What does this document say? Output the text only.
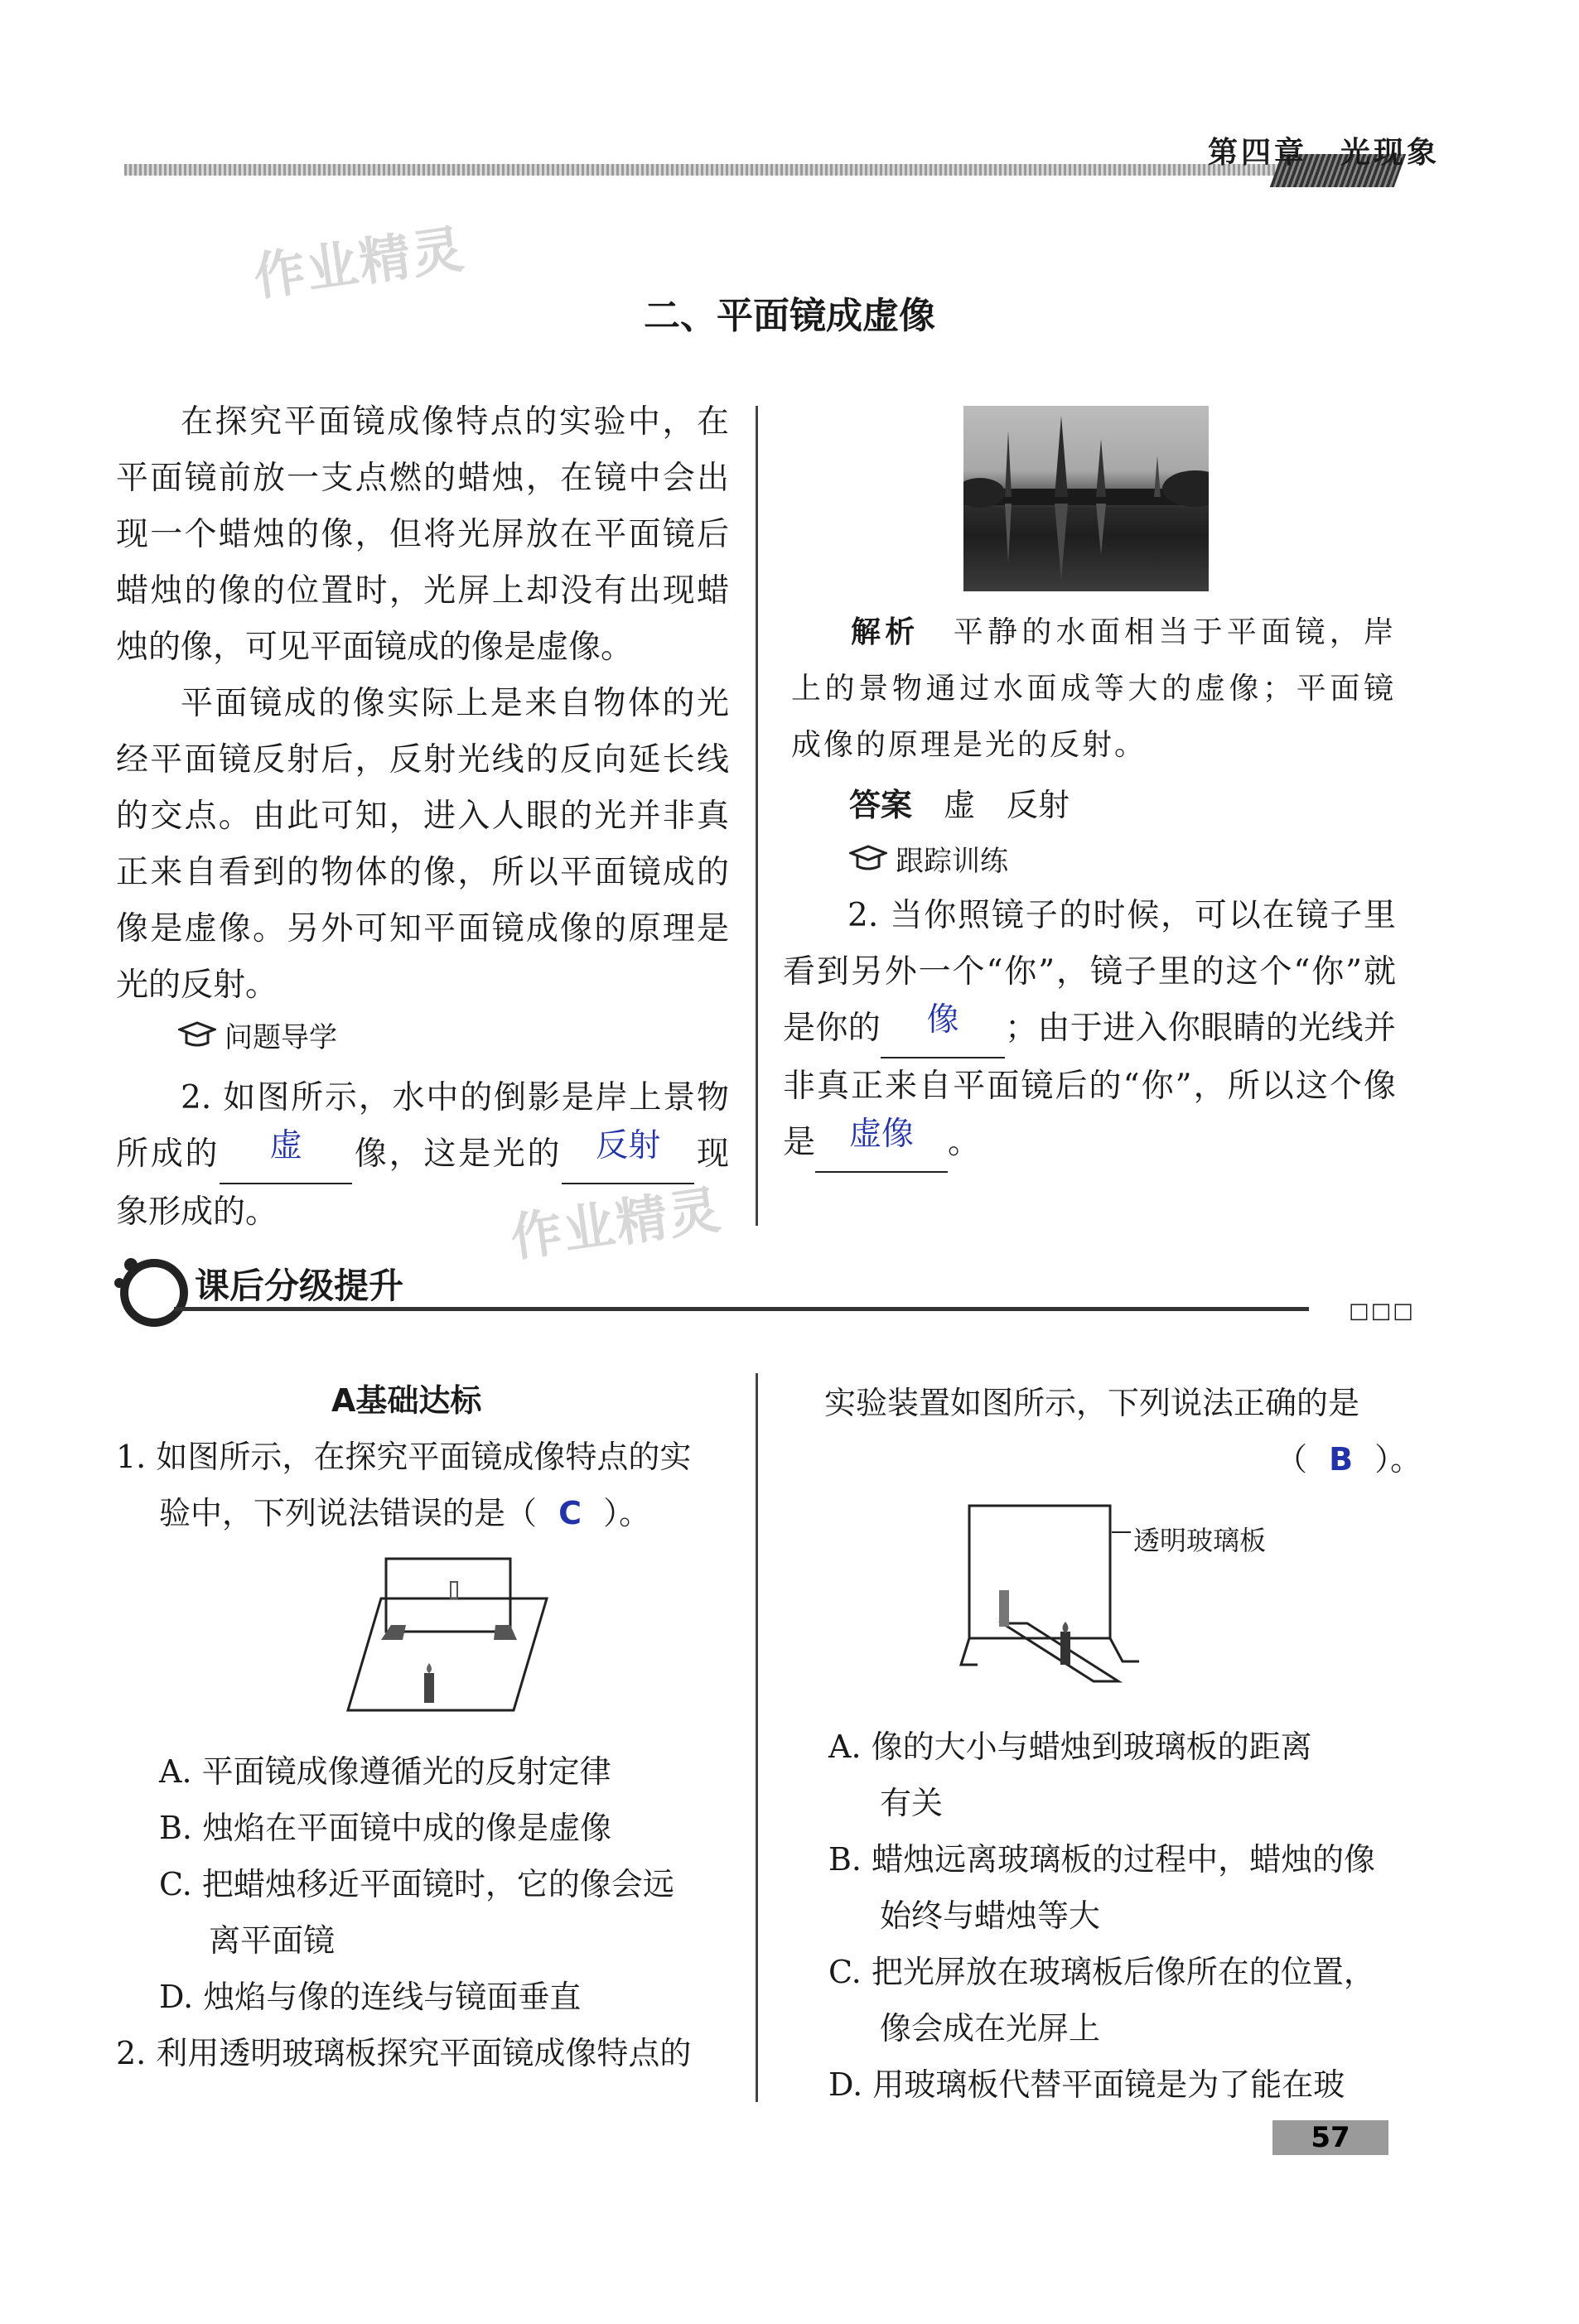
第四章　光现象
作业精灵
作业精灵
二、平面镜成虚像

在探究平面镜成像特点的实验中，在平面镜前放一支点燃的蜡烛，在镜中会出现一个蜡烛的像，但将光屏放在平面镜后蜡烛的像的位置时，光屏上却没有出现蜡烛的像，可见平面镜成的像是虚像。

平面镜成的像实际上是来自物体的光经平面镜反射后，反射光线的反向延长线的交点。由此可知，进入人眼的光并非真正来自看到的物体的像，所以平面镜成的像是虚像。另外可知平面镜成像的原理是光的反射。

问题导学

2. 如图所示，水中的倒影是岸上景物所成的	虚	像，这是光的	反射	现象形成的。

解析　 平静的水面相当于平面镜，岸上的景物通过水面成等大的虚像；平面镜成像的原理是光的反射。

答案　 虚　反射
跟踪训练

2. 当你照镜子的时候，可以在镜子里看到另外一个“你”，镜子里的这个“你”就是你的	像	；由于进入你眼睛的光线并非真正来自平面镜后的“你”，所以这个像是	虚像	。

课后分级提升
□□□
A基础达标
1. 如图所示，在探究平面镜成像特点的实
验中，下列说法错误的是（ C ）。
A. 平面镜成像遵循光的反射定律
B. 烛焰在平面镜中成的像是虚像
C. 把蜡烛移近平面镜时，它的像会远
离平面镜
D. 烛焰与像的连线与镜面垂直
2. 利用透明玻璃板探究平面镜成像特点的
实验装置如图所示，下列说法正确的是
（ B ）。
透明玻璃板
A. 像的大小与蜡烛到玻璃板的距离
有关
B. 蜡烛远离玻璃板的过程中，蜡烛的像
始终与蜡烛等大
C. 把光屏放在玻璃板后像所在的位置，
像会成在光屏上
D. 用玻璃板代替平面镜是为了能在玻
57
